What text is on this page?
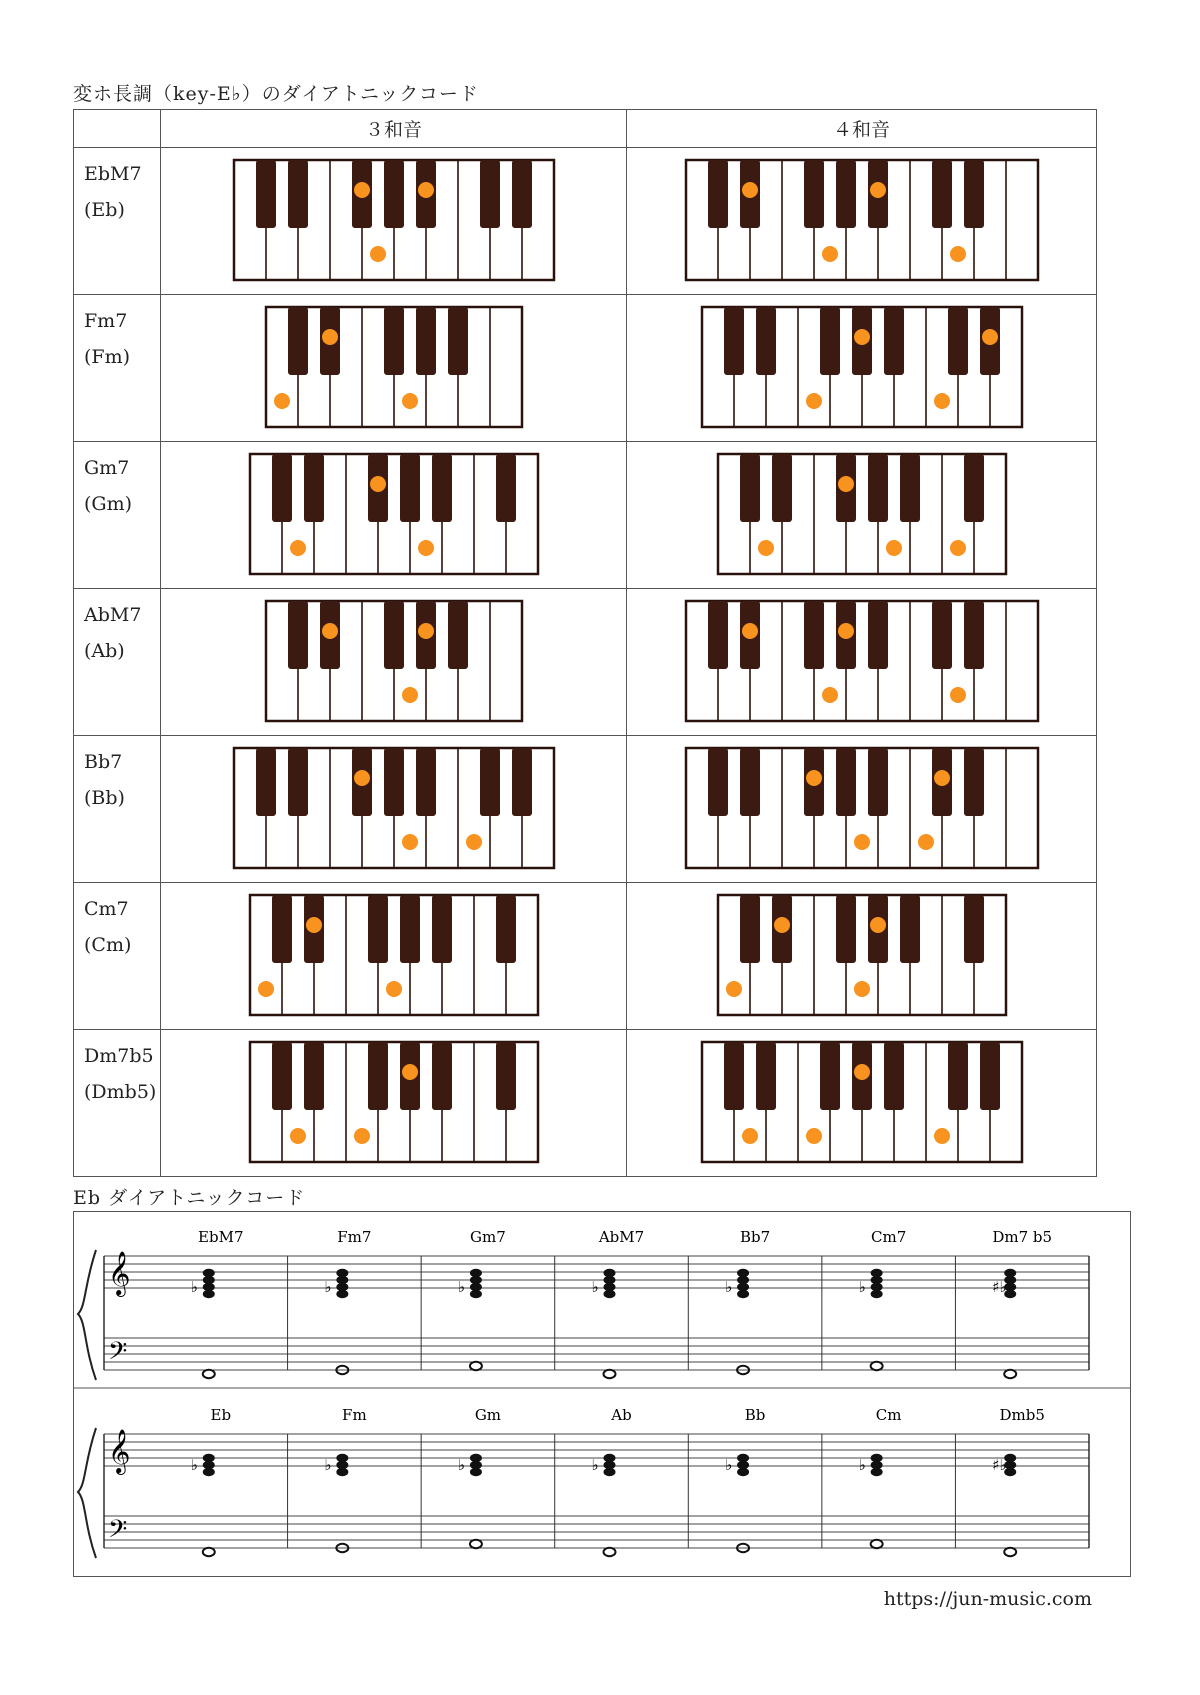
変ホ長調（key-E♭）のダイアトニックコード
	３和音	４和音

EbM7
(Eb)

Fm7
(Fm)

Gm7
(Gm)

AbM7
(Ab)

Bb7
(Bb)

Cm7
(Cm)

Dm7b5
(Dmb5)

Eb ダイアトニックコード
𝄞
𝄢
EbM7
♭
Fm7
♭
Gm7
♭
AbM7
♭
Bb7
♭
Cm7
♭
Dm7 b5
♯♭
𝄞
𝄢
Eb
♭
Fm
♭
Gm
♭
Ab
♭
Bb
♭
Cm
♭
Dmb5
♯♭
https://jun-music.com
